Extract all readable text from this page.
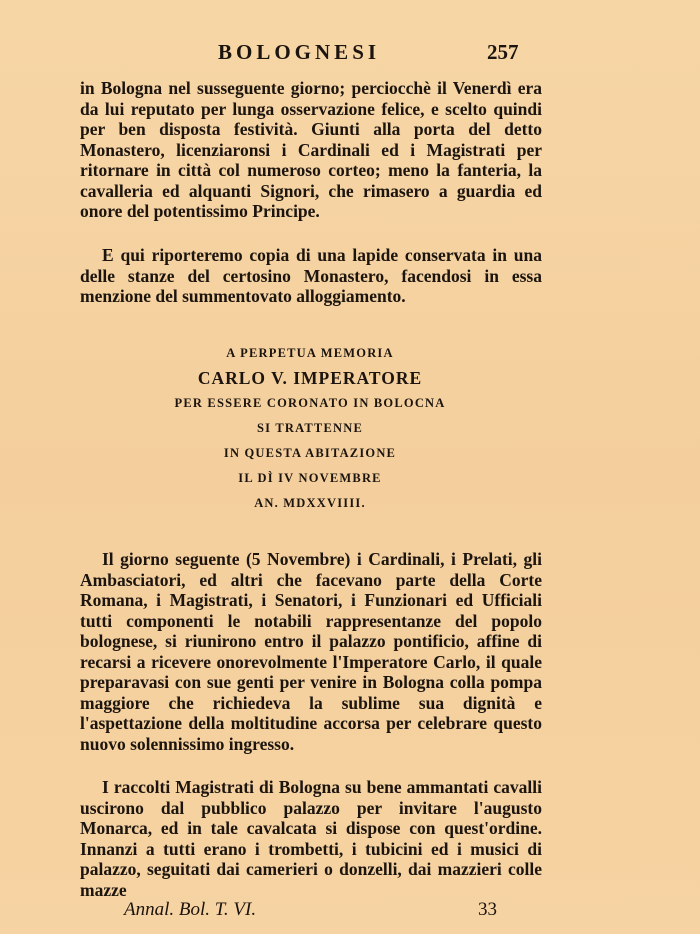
BOLOGNESI	257

in Bologna nel susseguente giorno; perciocchè il Venerdì era da lui reputato per lunga osservazione felice, e scelto quindi per ben disposta festività. Giunti alla porta del detto Monastero, licenziaronsi i Cardinali ed i Magistrati per ritornare in città col numeroso corteo; meno la fanteria, la cavalleria ed alquanti Signori, che rimasero a guardia ed onore del potentissimo Principe.

E qui riporteremo copia di una lapide conservata in una delle stanze del certosino Monastero, facendosi in essa menzione del summentovato alloggiamento.

A PERPETUA MEMORIA
CARLO V. IMPERATORE
PER ESSERE CORONATO IN BOLOCNA
SI TRATTENNE
IN QUESTA ABITAZIONE
IL DÌ IV NOVEMBRE
AN. MDXXVIIII.

Il giorno seguente (5 Novembre) i Cardinali, i Prelati, gli Ambasciatori, ed altri che facevano parte della Corte Romana, i Magistrati, i Senatori, i Funzionari ed Ufficiali tutti componenti le notabili rappresentanze del popolo bolognese, si riunirono entro il palazzo pontificio, affine di recarsi a ricevere onorevolmente l'Imperatore Carlo, il quale preparavasi con sue genti per venire in Bologna colla pompa maggiore che richiedeva la sublime sua dignità e l'aspettazione della moltitudine accorsa per celebrare questo nuovo solennissimo ingresso.

I raccolti Magistrati di Bologna su bene ammantati cavalli uscirono dal pubblico palazzo per invitare l'augusto Monarca, ed in tale cavalcata si dispose con quest'ordine. Innanzi a tutti erano i trombetti, i tubicini ed i musici di palazzo, seguitati dai camerieri o donzelli, dai mazzieri colle mazze

Annal. Bol. T. VI.	33
